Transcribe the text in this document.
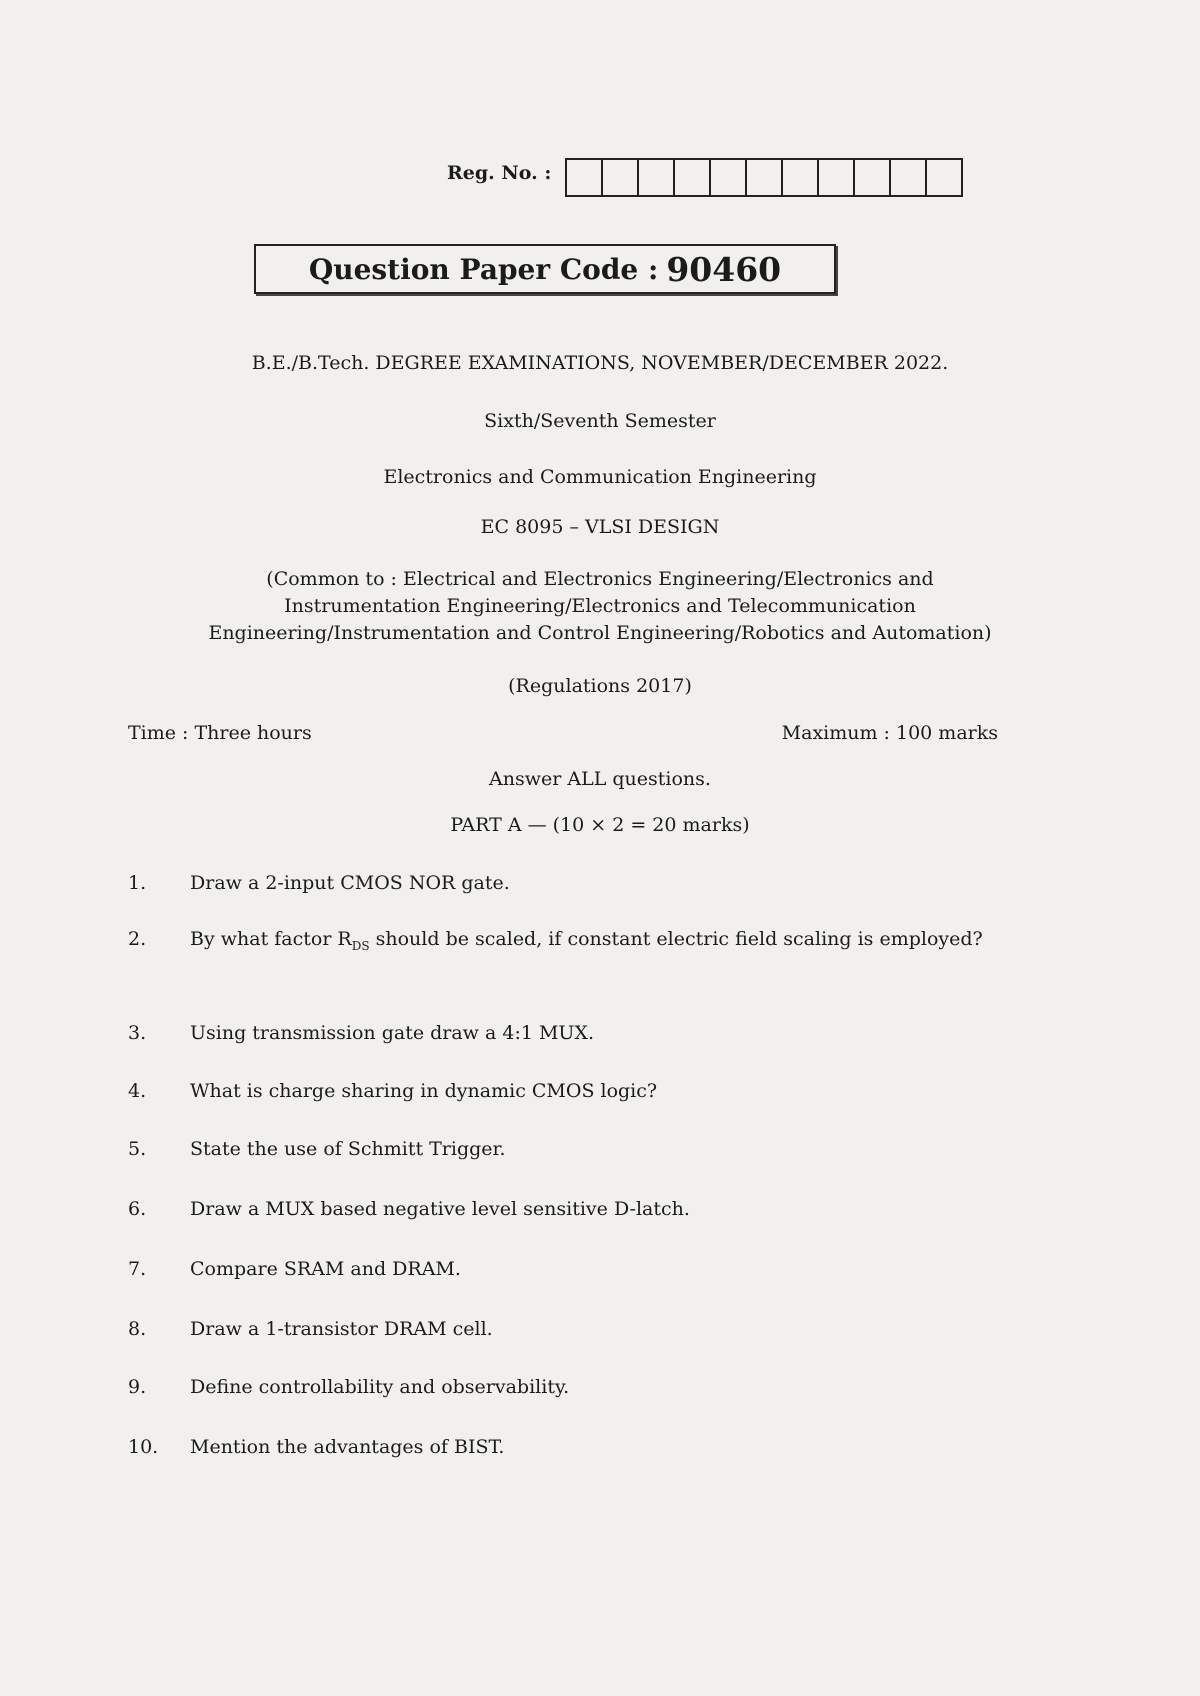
Reg. No. :
Question Paper Code : 90460
B.E./B.Tech. DEGREE EXAMINATIONS, NOVEMBER/DECEMBER 2022.
Sixth/Seventh Semester
Electronics and Communication Engineering
EC 8095 – VLSI DESIGN
(Common to : Electrical and Electronics Engineering/Electronics and
Instrumentation Engineering/Electronics and Telecommunication
Engineering/Instrumentation and Control Engineering/Robotics and Automation)
(Regulations 2017)
Time : Three hours	Maximum : 100 marks
Answer ALL questions.
PART A — (10 × 2 = 20 marks)
1.	Draw a 2-input CMOS NOR gate.
2.	By what factor $R_{DS}$ should be scaled, if constant electric field scaling is employed?
3.	Using transmission gate draw a 4:1 MUX.
4.	What is charge sharing in dynamic CMOS logic?
5.	State the use of Schmitt Trigger.
6.	Draw a MUX based negative level sensitive D-latch.
7.	Compare SRAM and DRAM.
8.	Draw a 1-transistor DRAM cell.
9.	Define controllability and observability.
10.	Mention the advantages of BIST.
